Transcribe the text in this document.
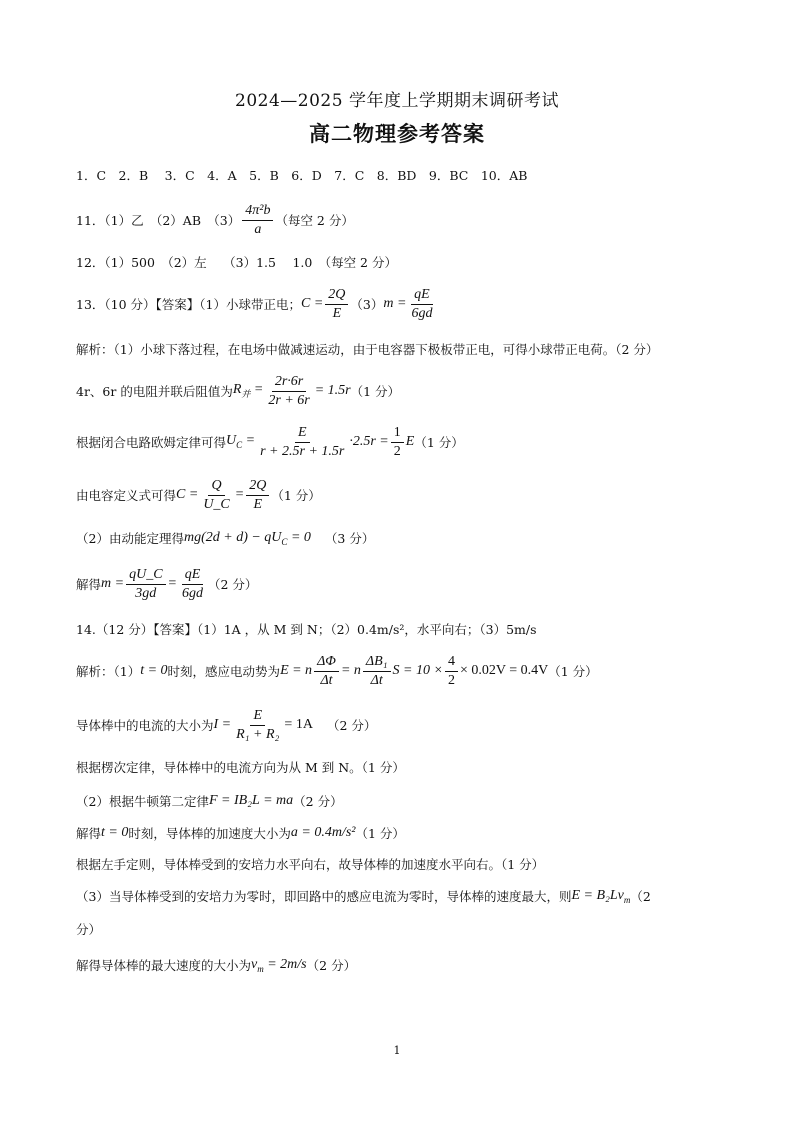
2024—2025 学年度上学期期末调研考试
高二物理参考答案
1．C　2．B　 3．C　4．A　5．B　6．D　7．C　8．BD　9．BC　10．AB
11．（1）乙　（2）AB　$(3) \frac{\text{4π²b}}{a}$ （每空 2 分）
12．（1）500　（2）左　 （3）1.5　 1.0　（每空 2 分）
13．（10 分）【答案】（1）小球带正电； $C = \frac{2Q}{E} (3) m = \frac{qE}{6gd}$
解析：（1）小球下落过程，在电场中做减速运动，由于电容器下极板带正电，可得小球带正电荷。（2 分）
4r、6r 的电阻并联后阻值为 $R_并 = \frac{2r\cdot 6r}{2r + 6r} = 1.5r$ （1 分）
根据闭合电路欧姆定律可得 $U_C = \frac{E}{r + 2.5r + 1.5r} \cdot 2.5r = \frac{1}{2}$ E （1 分）
由电容定义式可得 $C = \frac{Q}{U\_C} = \frac{2Q}{E} (1$ 分）
（2）由动能定理得 $mg(2d + d) - qU_C = 0$ （3 分）
解得 $m = \frac{qU\_C}{3gd} = \frac{qE}{6gd} (2$ 分）
14.（12 分）【答案】（1）1A ，从 M 到 N；（2）0.4m/s²，水平向右；（3）5m/s
解析：（1） t = 0 时刻，感应电动势为 E = n $\frac{\Delta\Phi}{\Delta t} = n \frac{\text{ΔB₁}}{\Delta t}$ $S = 10 \times \frac{4}{2} \times 0.02V = 0.4V$ （1 分）
导体棒中的电流的大小为 $I = \frac{E}{\text{R₁ + R₂}} = 1A$ （2 分）
根据楞次定律，导体棒中的电流方向为从 M 到 N。（1 分）
（2）根据牛顿第二定律 F = IB₂L = ma （2 分）
解得 t = 0 时刻，导体棒的加速度大小为 a = 0.4m/s² （1 分）
根据左手定则，导体棒受到的安培力水平向右，故导体棒的加速度水平向右。（1 分）
（3）当导体棒受到的安培力为零时，即回路中的感应电流为零时，导体棒的速度最大，则 $E = B_2Lv_m$ （2
分）
解得导体棒的最大速度的大小为 $v_m = 2m/s$ （2 分）
1
